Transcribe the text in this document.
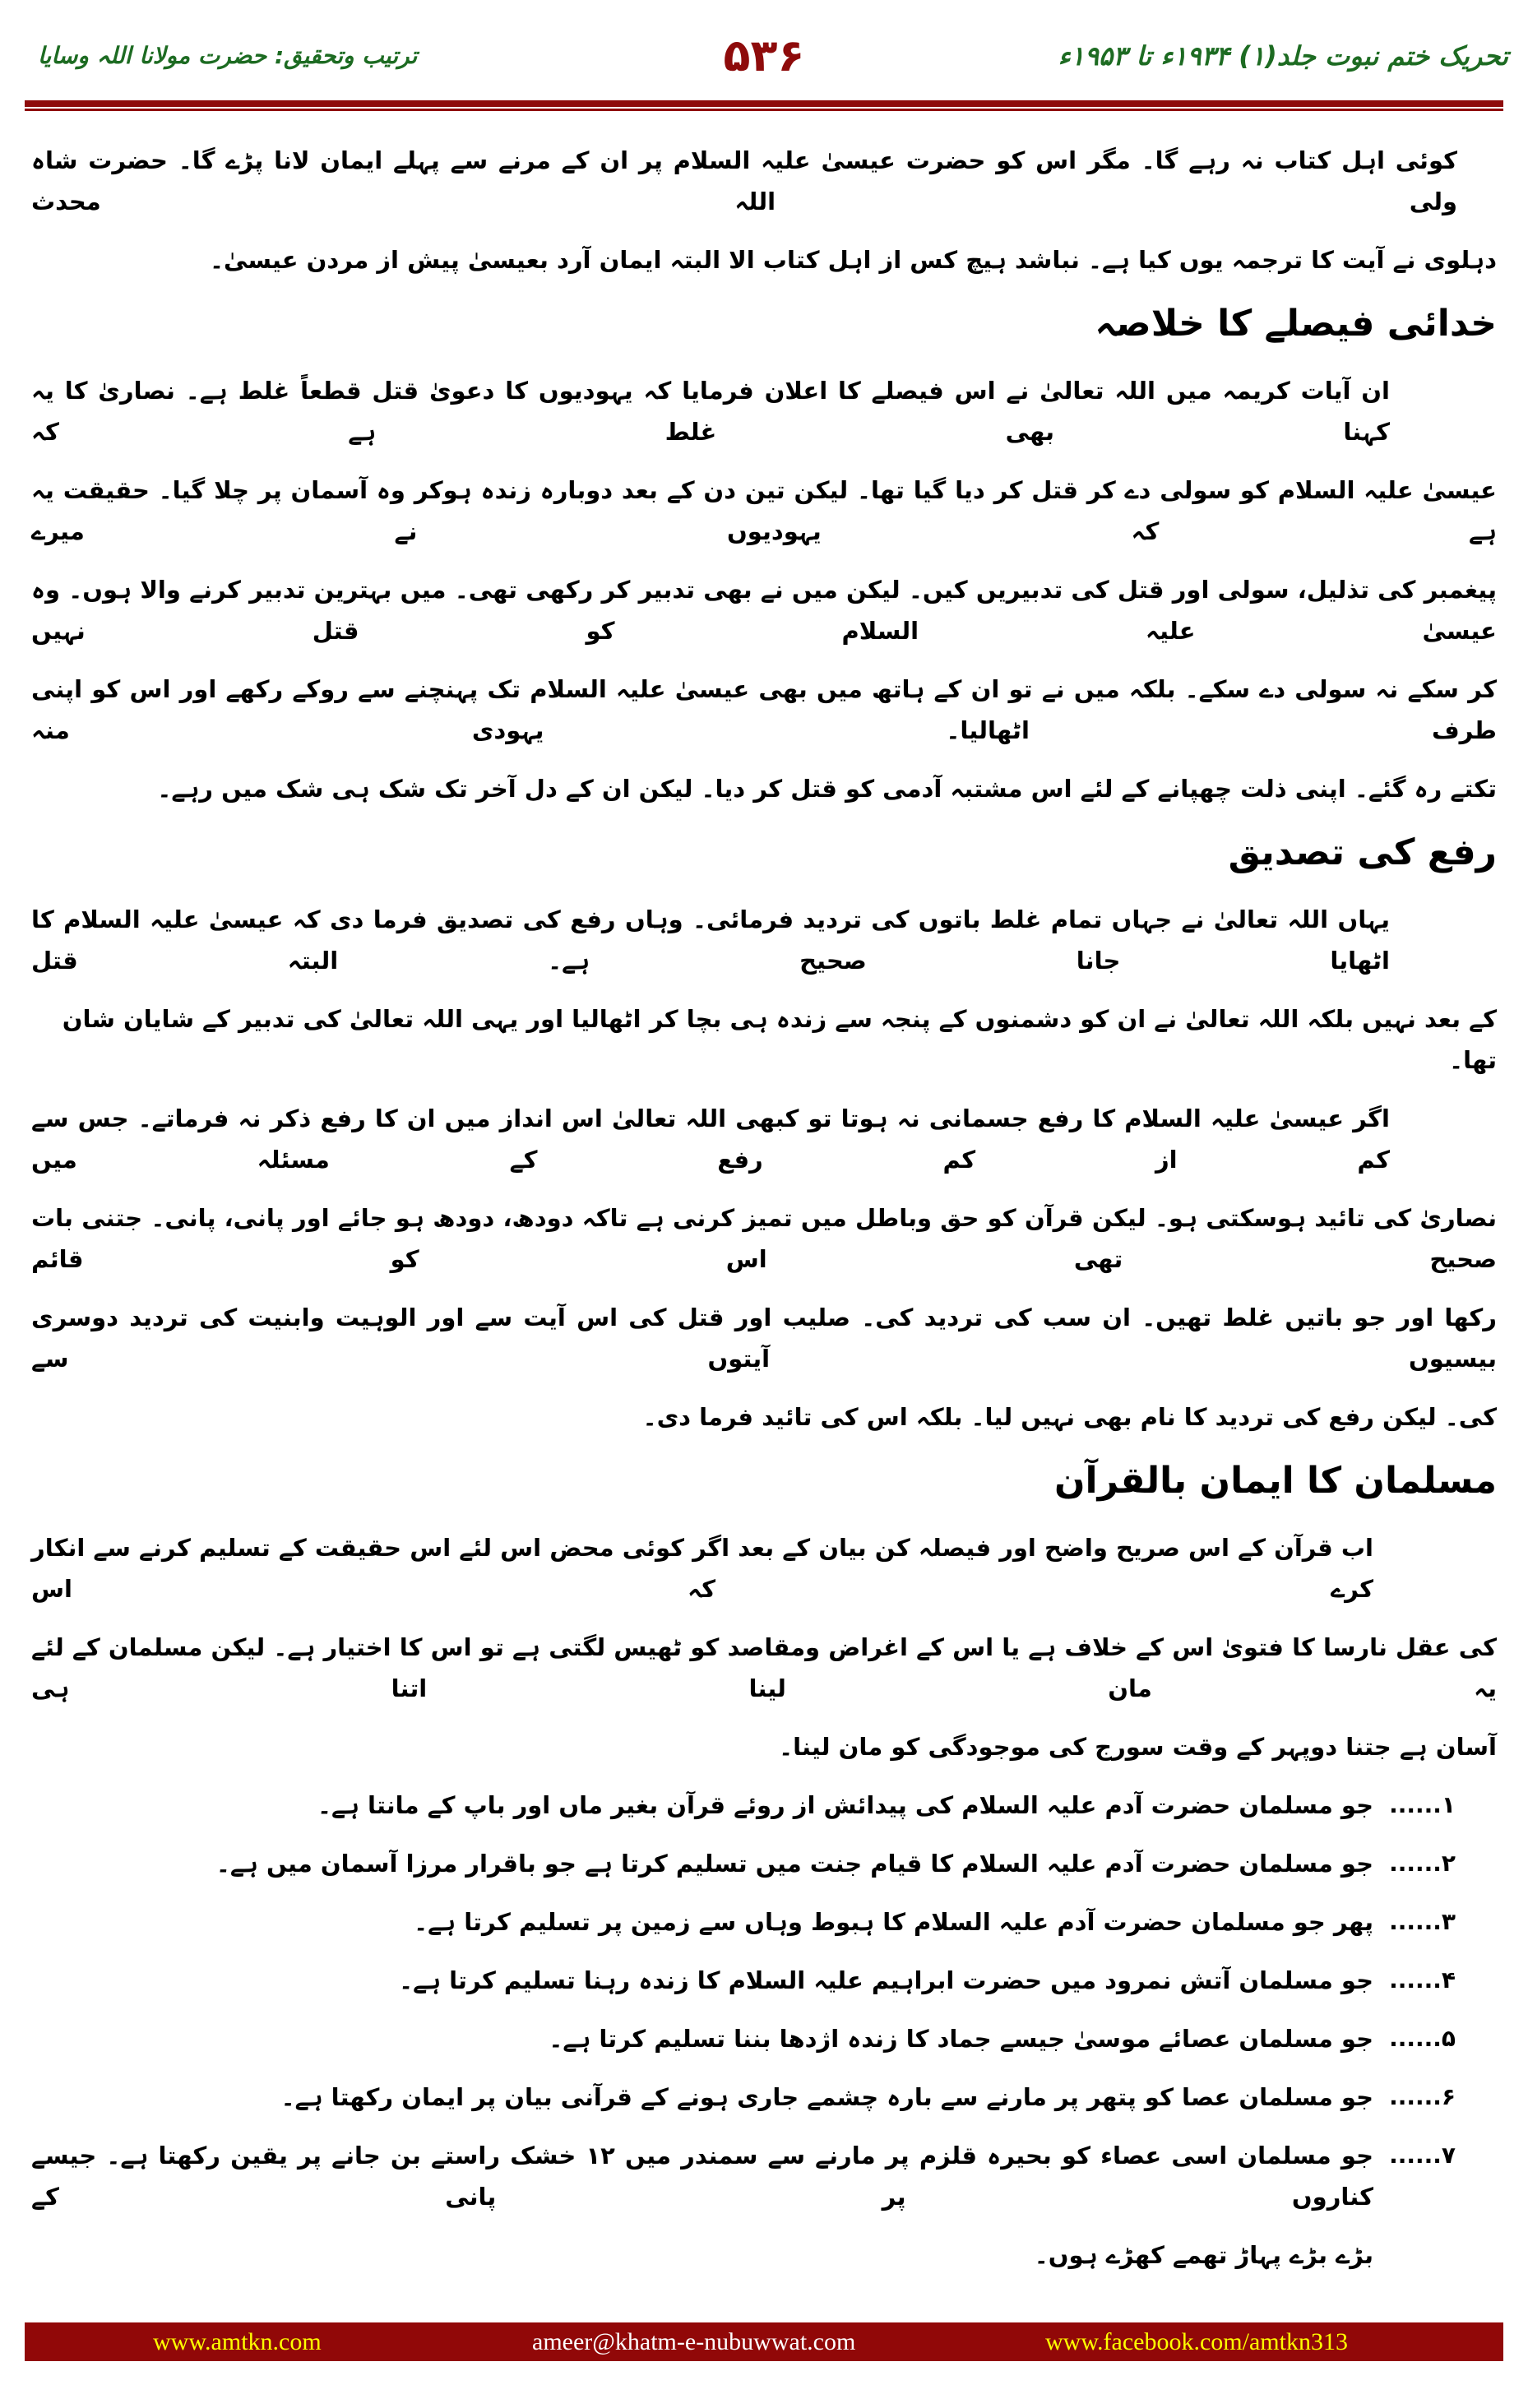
تحریک ختم نبوت جلد(۱) ۱۹۳۴ء تا ۱۹۵۳ء
۵۳۶
ترتیب وتحقیق: حضرت مولانا اللہ وسایا
کوئی اہل کتاب نہ رہے گا۔ مگر اس کو حضرت عیسیٰ علیہ السلام پر ان کے مرنے سے پہلے ایمان لانا پڑے گا۔ حضرت شاہ ولی اللہ محدث
دہلوی نے آیت کا ترجمہ یوں کیا ہے۔ نباشد ہیچ کس از اہل کتاب الا البتہ ایمان آرد بعیسیٰ پیش از مردن عیسیٰ۔
خدائی فیصلے کا خلاصہ
ان آیات کریمہ میں اللہ تعالیٰ نے اس فیصلے کا اعلان فرمایا کہ یہودیوں کا دعویٰ قتل قطعاً غلط ہے۔ نصاریٰ کا یہ کہنا بھی غلط ہے کہ
عیسیٰ علیہ السلام کو سولی دے کر قتل کر دیا گیا تھا۔ لیکن تین دن کے بعد دوبارہ زندہ ہوکر وہ آسمان پر چلا گیا۔ حقیقت یہ ہے کہ یہودیوں نے میرے
پیغمبر کی تذلیل، سولی اور قتل کی تدبیریں کیں۔ لیکن میں نے بھی تدبیر کر رکھی تھی۔ میں بہترین تدبیر کرنے والا ہوں۔ وہ عیسیٰ علیہ السلام کو قتل نہیں
کر سکے نہ سولی دے سکے۔ بلکہ میں نے تو ان کے ہاتھ میں بھی عیسیٰ علیہ السلام تک پہنچنے سے روکے رکھے اور اس کو اپنی طرف اٹھالیا۔ یہودی منہ
تکتے رہ گئے۔ اپنی ذلت چھپانے کے لئے اس مشتبہ آدمی کو قتل کر دیا۔ لیکن ان کے دل آخر تک شک ہی شک میں رہے۔
رفع کی تصدیق
یہاں اللہ تعالیٰ نے جہاں تمام غلط باتوں کی تردید فرمائی۔ وہاں رفع کی تصدیق فرما دی کہ عیسیٰ علیہ السلام کا اٹھایا جانا صحیح ہے۔ البتہ قتل
کے بعد نہیں بلکہ اللہ تعالیٰ نے ان کو دشمنوں کے پنجہ سے زندہ ہی بچا کر اٹھالیا اور یہی اللہ تعالیٰ کی تدبیر کے شایان شان تھا۔
اگر عیسیٰ علیہ السلام کا رفع جسمانی نہ ہوتا تو کبھی اللہ تعالیٰ اس انداز میں ان کا رفع ذکر نہ فرماتے۔ جس سے کم از کم رفع کے مسئلہ میں
نصاریٰ کی تائید ہوسکتی ہو۔ لیکن قرآن کو حق وباطل میں تمیز کرنی ہے تاکہ دودھ، دودھ ہو جائے اور پانی، پانی۔ جتنی بات صحیح تھی اس کو قائم
رکھا اور جو باتیں غلط تھیں۔ ان سب کی تردید کی۔ صلیب اور قتل کی اس آیت سے اور الوہیت وابنیت کی تردید دوسری بیسیوں آیتوں سے
کی۔ لیکن رفع کی تردید کا نام بھی نہیں لیا۔ بلکہ اس کی تائید فرما دی۔
مسلمان کا ایمان بالقرآن
اب قرآن کے اس صریح واضح اور فیصلہ کن بیان کے بعد اگر کوئی محض اس لئے اس حقیقت کے تسلیم کرنے سے انکار کرے کہ اس
کی عقل نارسا کا فتویٰ اس کے خلاف ہے یا اس کے اغراض ومقاصد کو ٹھیس لگتی ہے تو اس کا اختیار ہے۔ لیکن مسلمان کے لئے یہ مان لینا اتنا ہی
آسان ہے جتنا دوپہر کے وقت سورج کی موجودگی کو مان لینا۔
۱......
جو مسلمان حضرت آدم علیہ السلام کی پیدائش از روئے قرآن بغیر ماں اور باپ کے مانتا ہے۔
۲......
جو مسلمان حضرت آدم علیہ السلام کا قیام جنت میں تسلیم کرتا ہے جو باقرار مرزا آسمان میں ہے۔
۳......
پھر جو مسلمان حضرت آدم علیہ السلام کا ہبوط وہاں سے زمین پر تسلیم کرتا ہے۔
۴......
جو مسلمان آتش نمرود میں حضرت ابراہیم علیہ السلام کا زندہ رہنا تسلیم کرتا ہے۔
۵......
جو مسلمان عصائے موسیٰ جیسے جماد کا زندہ اژدھا بننا تسلیم کرتا ہے۔
۶......
جو مسلمان عصا کو پتھر پر مارنے سے بارہ چشمے جاری ہونے کے قرآنی بیان پر ایمان رکھتا ہے۔
۷......
جو مسلمان اسی عصاء کو بحیرہ قلزم پر مارنے سے سمندر میں ۱۲ خشک راستے بن جانے پر یقین رکھتا ہے۔ جیسے کناروں پر پانی کے
بڑے بڑے پہاڑ تھمے کھڑے ہوں۔
www.amtkn.com	ameer@khatm-e-nubuwwat.com	www.facebook.com/amtkn313
